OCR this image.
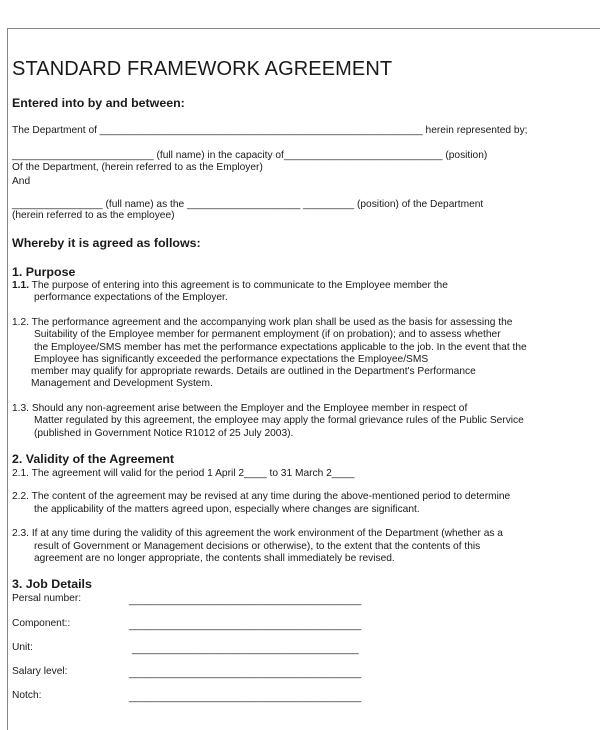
STANDARD FRAMEWORK AGREEMENT
Entered into by and between:
The Department of _________________________________________________________ herein represented by;
_________________________ (full name) in the capacity of____________________________ (position)
Of the Department, (herein referred to as the Employer)
And
________________ (full name) as the ____________________ _________ (position) of the Department
(herein referred to as the employee)
Whereby it is agreed as follows:
1. Purpose
1.1. The purpose of entering into this agreement is to communicate to the Employee member the
performance expectations of the Employer.
1.2. The performance agreement and the accompanying work plan shall be used as the basis for assessing the
Suitability of the Employee member for permanent employment (if on probation); and to assess whether
the Employee/SMS member has met the performance expectations applicable to the job. In the event that the
Employee has significantly exceeded the performance expectations the Employee/SMS
member may qualify for appropriate rewards. Details are outlined in the Department's Performance
Management and Development System.
1.3. Should any non-agreement arise between the Employer and the Employee member in respect of
Matter regulated by this agreement, the employee may apply the formal grievance rules of the Public Service
(published in Government Notice R1012 of 25 July 2003).
2. Validity of the Agreement
2.1. The agreement will valid for the period 1 April 2____ to 31 March 2____
2.2. The content of the agreement may be revised at any time during the above-mentioned period to determine
the applicability of the matters agreed upon, especially where changes are significant.
2.3. If at any time during the validity of this agreement the work environment of the Department (whether as a
result of Government or Management decisions or otherwise), to the extent that the contents of this
agreement are no longer appropriate, the contents shall immediately be revised.
3. Job Details
Persal number:	_________________________________________
Component::	_________________________________________
Unit:	________________________________________
Salary level:	_________________________________________
Notch:	_________________________________________
